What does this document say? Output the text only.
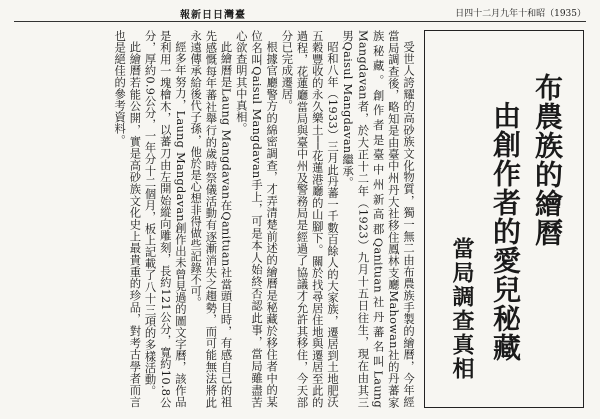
報新日日灣臺	日四十二月九年十和昭（1935）
布農族的繪曆
由創作者的愛兒秘藏
當局調查真相

受世人誇耀的高砂族文化物質，獨一無二由布農族手製的繪曆，今年經當局調查後，略知是由臺中州丹大社移住鳳林支廳Mahowan社的丹蕃家族秘藏。創作者是臺中州新高郡Qanituan社丹蕃名叫Laung Mangdavan者，於大正十二年（1923）九月十五日往生，現在由其三男Qaisul Mangdavan繼承。

昭和八年（1933）三月此丹蕃一千數百餘人的大家族，遷居到土地肥沃五穀豐收的永久樂土──花蓮港廳的山腳下。關於找尋居住地與遷居至此的過程，花蓮廳當局與臺中州及警務局是經過了協議才允許其移住，今天部分已完成遷居。

根據官廳警方的綿密調查，才弄清楚前述的繪曆是秘藏於移住者中的某位名叫Qaisul Mangdavan手上，可是本人始終否認此事，當局雖盡苦心欲查明其中真相。

此繪曆是Laung Mangdavan在Qanituan社當頭目時，有感自己的祖先感慨每年蕃社舉行的歲時祭儀活動有逐漸消失之趨勢，而可能無法將此永遠傳承給後代子孫，他於是心想非得做些記錄不可。

經多年努力，Laung Mangdavan創作出未曾見過的圖文字曆，該作品是利用一塊檜木，以蕃刀由左開始縱向雕刻，長約121公分，寬約10.8公分，厚約0.9公分，一年分十二個月，板上記載了八十三項的多樣活動。

此繪曆若能公開，實是高砂族文化史上最貴重的珍品，對考古學者而言也是絕佳的參考資料。
